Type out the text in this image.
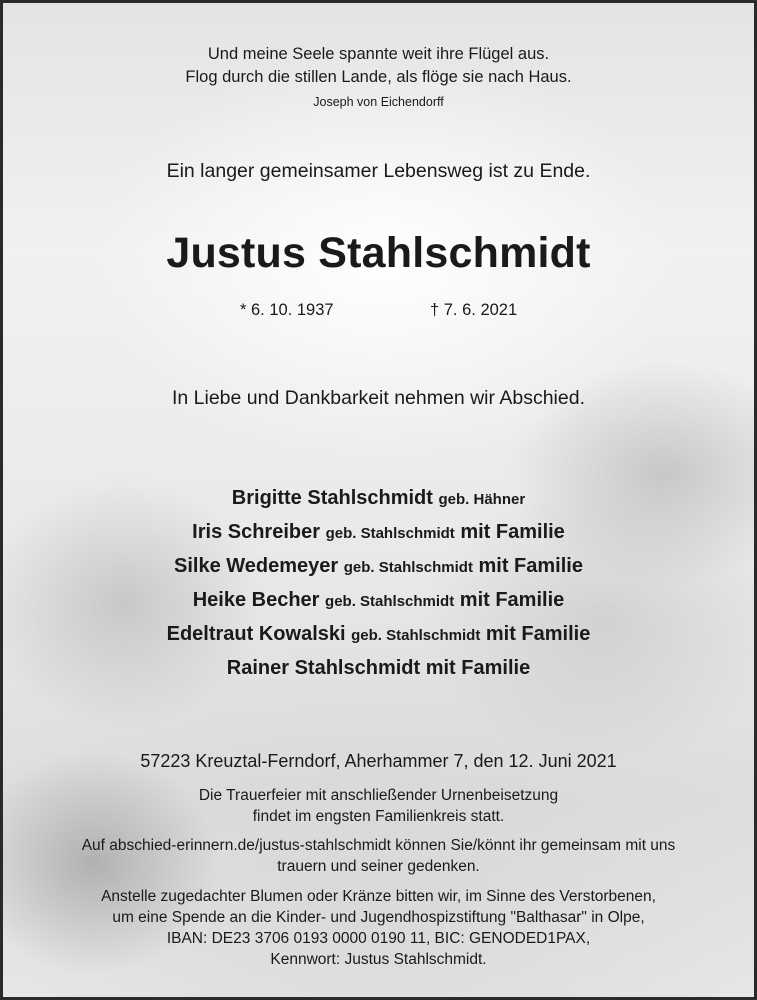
Und meine Seele spannte weit ihre Flügel aus.
Flog durch die stillen Lande, als flöge sie nach Haus.
Joseph von Eichendorff
Ein langer gemeinsamer Lebensweg ist zu Ende.
Justus Stahlschmidt
* 6. 10. 1937	† 7. 6. 2021
In Liebe und Dankbarkeit nehmen wir Abschied.
Brigitte Stahlschmidt geb. Hähner
Iris Schreiber geb. Stahlschmidt mit Familie
Silke Wedemeyer geb. Stahlschmidt mit Familie
Heike Becher geb. Stahlschmidt mit Familie
Edeltraut Kowalski geb. Stahlschmidt mit Familie
Rainer Stahlschmidt mit Familie
57223 Kreuztal-Ferndorf, Aherhammer 7, den 12. Juni 2021
Die Trauerfeier mit anschließender Urnenbeisetzung
findet im engsten Familienkreis statt.
Auf abschied-erinnern.de/justus-stahlschmidt können Sie/könnt ihr gemeinsam mit uns
trauern und seiner gedenken.
Anstelle zugedachter Blumen oder Kränze bitten wir, im Sinne des Verstorbenen,
um eine Spende an die Kinder- und Jugendhospizstiftung "Balthasar" in Olpe,
IBAN: DE23 3706 0193 0000 0190 11, BIC: GENODED1PAX,
Kennwort: Justus Stahlschmidt.
